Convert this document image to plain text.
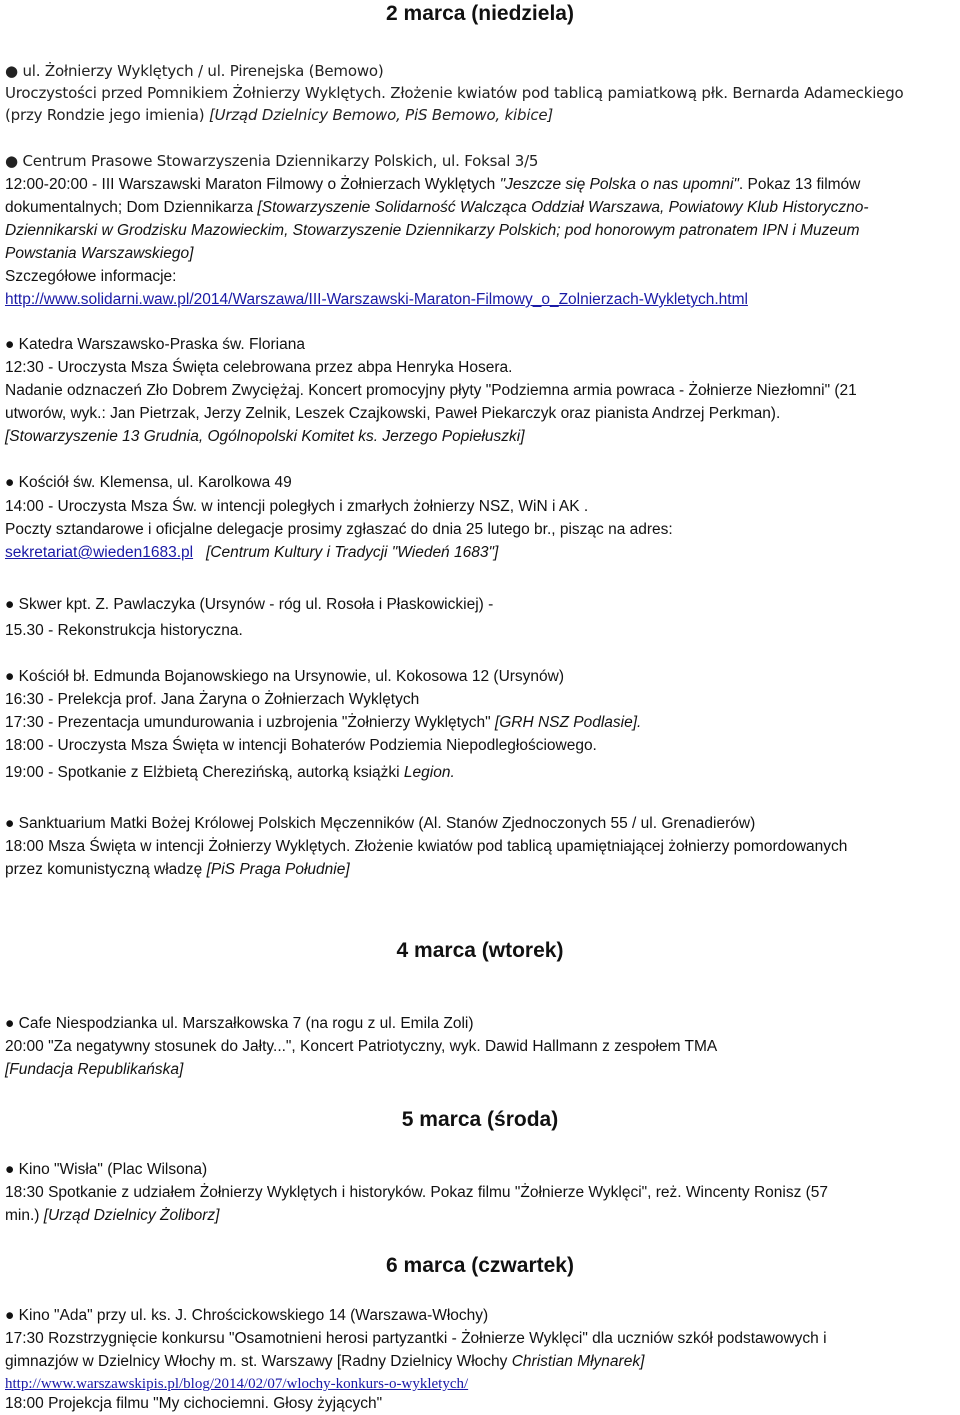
2 marca (niedziela)
● ul. Żołnierzy Wyklętych / ul. Pirenejska (Bemowo)
Uroczystości przed Pomnikiem Żołnierzy Wyklętych. Złożenie kwiatów pod tablicą pamiatkową płk. Bernarda Adameckiego
(przy Rondzie jego imienia) [Urząd Dzielnicy Bemowo, PiS Bemowo, kibice]
● Centrum Prasowe Stowarzyszenia Dziennikarzy Polskich, ul. Foksal 3/5
12:00-20:00 - III Warszawski Maraton Filmowy o Żołnierzach Wyklętych "Jeszcze się Polska o nas upomni". Pokaz 13 filmów
dokumentalnych; Dom Dziennikarza [Stowarzyszenie Solidarność Walcząca Oddział Warszawa, Powiatowy Klub Historyczno-
Dziennikarski w Grodzisku Mazowieckim, Stowarzyszenie Dziennikarzy Polskich; pod honorowym patronatem IPN i Muzeum
Powstania Warszawskiego]
Szczegółowe informacje:
http://www.solidarni.waw.pl/2014/Warszawa/III-Warszawski-Maraton-Filmowy_o_Zolnierzach-Wykletych.html
● Katedra Warszawsko-Praska św. Floriana
12:30 - Uroczysta Msza Święta celebrowana przez abpa Henryka Hosera.
Nadanie odznaczeń Zło Dobrem Zwyciężaj. Koncert promocyjny płyty "Podziemna armia powraca - Żołnierze Niezłomni" (21
utworów, wyk.: Jan Pietrzak, Jerzy Zelnik, Leszek Czajkowski, Paweł Piekarczyk oraz pianista Andrzej Perkman).
[Stowarzyszenie 13 Grudnia, Ogólnopolski Komitet ks. Jerzego Popiełuszki]
● Kościół św. Klemensa, ul. Karolkowa 49
14:00 - Uroczysta Msza Św. w intencji poległych i zmarłych żołnierzy NSZ, WiN i AK .
Poczty sztandarowe i oficjalne delegacje prosimy zgłaszać do dnia 25 lutego br., pisząc na adres:
sekretariat@wieden1683.pl [Centrum Kultury i Tradycji "Wiedeń 1683"]
● Skwer kpt. Z. Pawlaczyka (Ursynów - róg ul. Rosoła i Płaskowickiej) -
15.30 - Rekonstrukcja historyczna.
● Kościół bł. Edmunda Bojanowskiego na Ursynowie, ul. Kokosowa 12 (Ursynów)
16:30 - Prelekcja prof. Jana Żaryna o Żołnierzach Wyklętych
17:30 - Prezentacja umundurowania i uzbrojenia "Żołnierzy Wyklętych" [GRH NSZ Podlasie].
18:00 - Uroczysta Msza Święta w intencji Bohaterów Podziemia Niepodległościowego.
19:00 - Spotkanie z Elżbietą Cherezińską, autorką książki Legion.
● Sanktuarium Matki Bożej Królowej Polskich Męczenników (Al. Stanów Zjednoczonych 55 / ul. Grenadierów)
18:00 Msza Święta w intencji Żołnierzy Wyklętych. Złożenie kwiatów pod tablicą upamiętniającej żołnierzy pomordowanych
przez komunistyczną władzę [PiS Praga Południe]
4 marca (wtorek)
● Cafe Niespodzianka ul. Marszałkowska 7 (na rogu z ul. Emila Zoli)
20:00 "Za negatywny stosunek do Jałty...", Koncert Patriotyczny, wyk. Dawid Hallmann z zespołem TMA
[Fundacja Republikańska]
5 marca (środa)
● Kino "Wisła" (Plac Wilsona)
18:30 Spotkanie z udziałem Żołnierzy Wyklętych i historyków. Pokaz filmu "Żołnierze Wyklęci", reż. Wincenty Ronisz (57
min.) [Urząd Dzielnicy Żoliborz]
6 marca (czwartek)
● Kino "Ada" przy ul. ks. J. Chrościckowskiego 14 (Warszawa-Włochy)
17:30 Rozstrzygnięcie konkursu "Osamotnieni herosi partyzantki - Żołnierze Wyklęci" dla uczniów szkół podstawowych i
gimnazjów w Dzielnicy Włochy m. st. Warszawy [Radny Dzielnicy Włochy Christian Młynarek]
http://www.warszawskipis.pl/blog/2014/02/07/wlochy-konkurs-o-wykletych/
18:00 Projekcja filmu "My cichociemni. Głosy żyjących"
